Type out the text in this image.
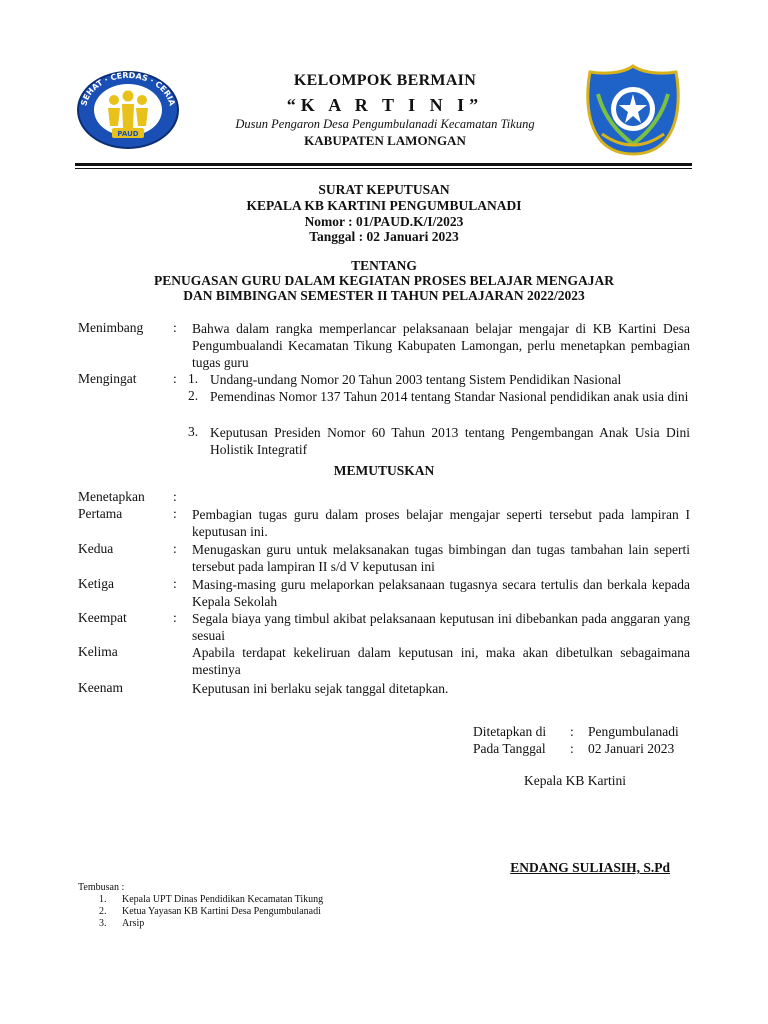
SEHAT · CERDAS · CERIA
PAUD
KELOMPOK BERMAIN
“K A R T I N I”
Dusun Pengaron Desa Pengumbulanadi Kecamatan Tikung
KABUPATEN LAMONGAN
SURAT KEPUTUSAN
KEPALA KB KARTINI PENGUMBULANADI
Nomor : 01/PAUD.K/I/2023
Tanggal : 02 Januari 2023
TENTANG
PENUGASAN GURU DALAM KEGIATAN PROSES BELAJAR MENGAJAR
DAN BIMBINGAN SEMESTER II TAHUN PELAJARAN 2022/2023
Menimbang : Bahwa dalam rangka memperlancar pelaksanaan belajar mengajar di KB Kartini Desa Pengumbualandi Kecamatan Tikung Kabupaten Lamongan, perlu menetapkan pembagian tugas guru
Mengingat	: 1. Undang-undang Nomor 20 Tahun 2003 tentang Sistem Pendidikan Nasional
2. Pemendinas Nomor 137 Tahun 2014 tentang Standar Nasional pendidikan anak usia dini
3. Keputusan Presiden Nomor 60 Tahun 2013 tentang Pengembangan Anak Usia Dini Holistik Integratif
MEMUTUSKAN
Menetapkan :
Pertama	: Pembagian tugas guru dalam proses belajar mengajar seperti tersebut pada lampiran I keputusan ini.
Kedua	: Menugaskan guru untuk melaksanakan tugas bimbingan dan tugas tambahan lain seperti tersebut pada lampiran II s/d V keputusan ini
Ketiga	: Masing-masing guru melaporkan pelaksanaan tugasnya secara tertulis dan berkala kepada Kepala Sekolah
Keempat	: Segala biaya yang timbul akibat pelaksanaan keputusan ini dibebankan pada anggaran yang sesuai
Kelima	Apabila terdapat kekeliruan dalam keputusan ini, maka akan dibetulkan sebagaimana mestinya
Keenam	Keputusan ini berlaku sejak tanggal ditetapkan.
Ditetapkan di : Pengumbulanadi
Pada Tanggal : 02 Januari 2023
Kepala KB Kartini
ENDANG SULIASIH, S.Pd
Tembusan :
1. Kepala UPT Dinas Pendidikan Kecamatan Tikung
2. Ketua Yayasan KB Kartini Desa Pengumbulanadi
3. Arsip
